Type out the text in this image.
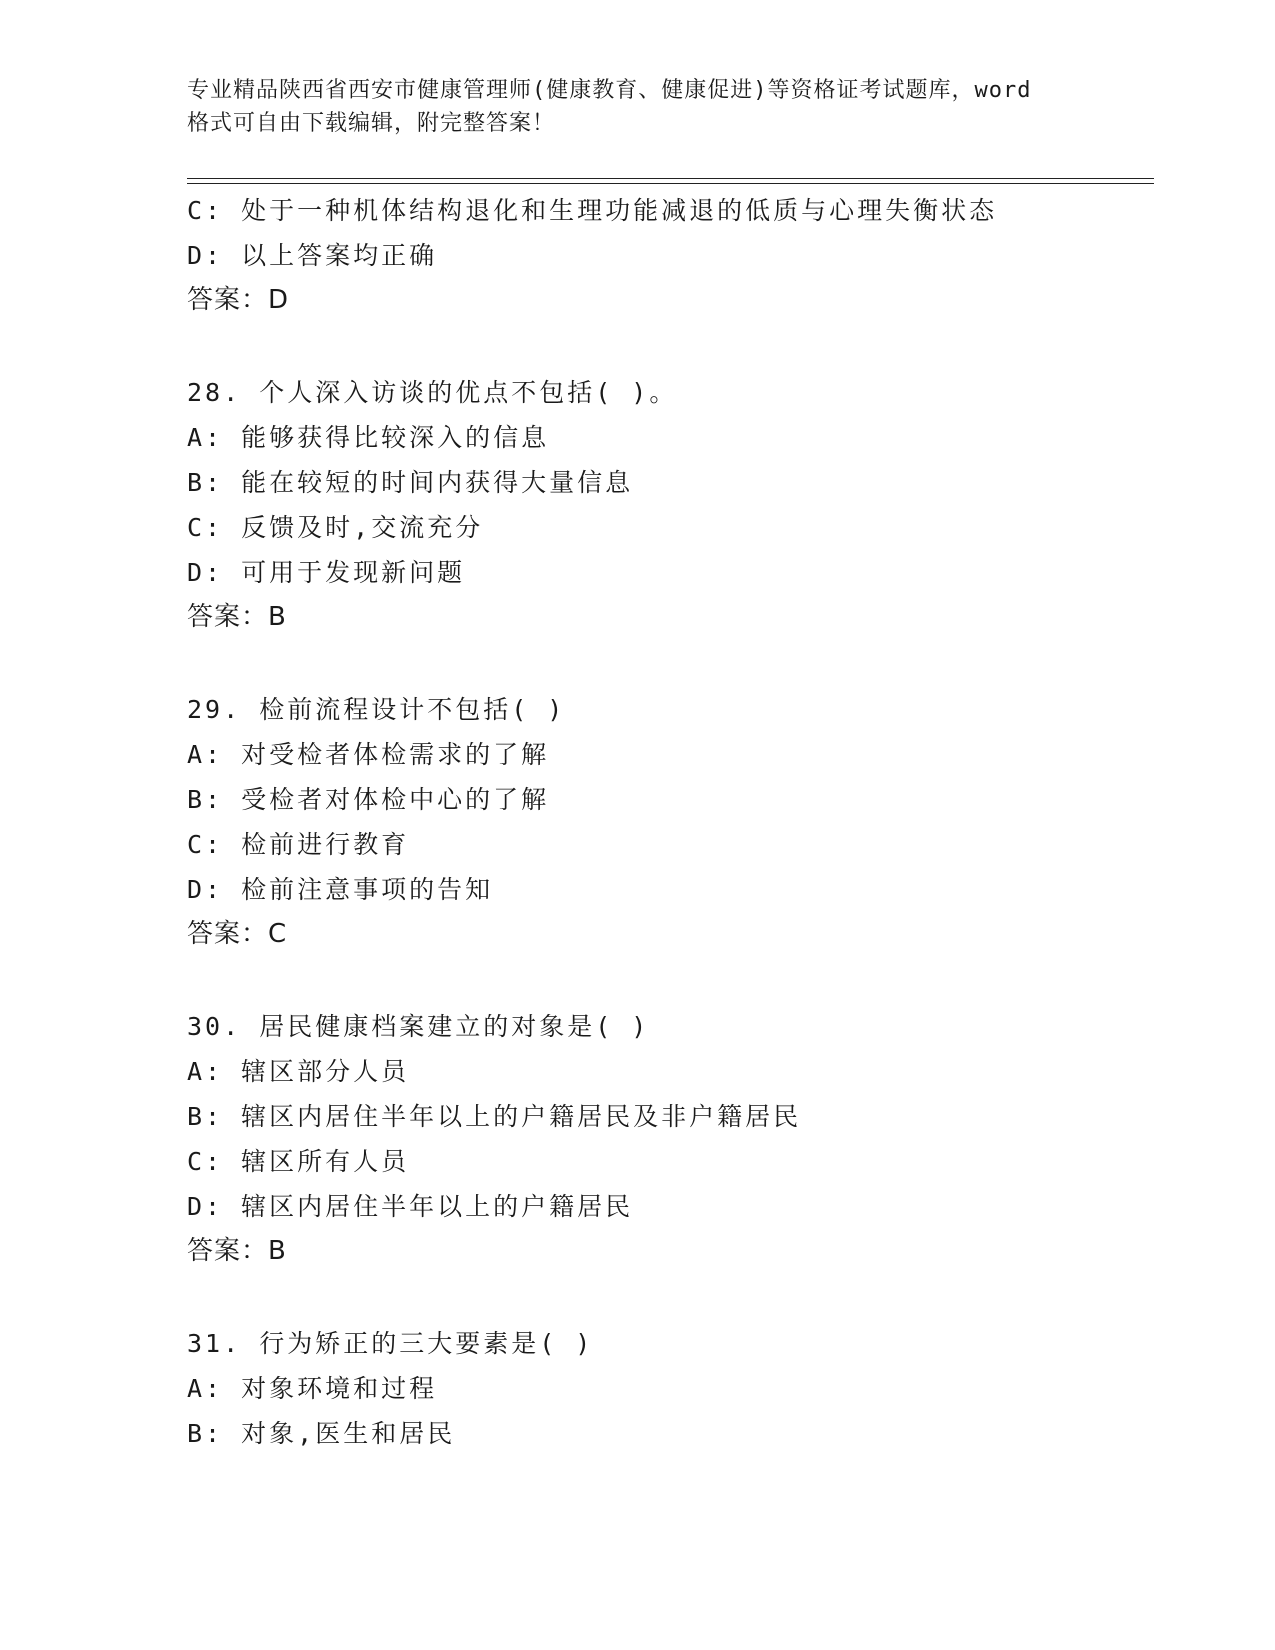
专业精品陕西省西安市健康管理师(健康教育、健康促进)等资格证考试题库，word
格式可自由下载编辑，附完整答案！
C: 处于一种机体结构退化和生理功能减退的低质与心理失衡状态
D: 以上答案均正确
答案：D
28. 个人深入访谈的优点不包括( )。
A: 能够获得比较深入的信息
B: 能在较短的时间内获得大量信息
C: 反馈及时,交流充分
D: 可用于发现新问题
答案：B
29. 检前流程设计不包括( )
A: 对受检者体检需求的了解
B: 受检者对体检中心的了解
C: 检前进行教育
D: 检前注意事项的告知
答案：C
30. 居民健康档案建立的对象是( )
A: 辖区部分人员
B: 辖区内居住半年以上的户籍居民及非户籍居民
C: 辖区所有人员
D: 辖区内居住半年以上的户籍居民
答案：B
31. 行为矫正的三大要素是( )
A: 对象环境和过程
B: 对象,医生和居民
